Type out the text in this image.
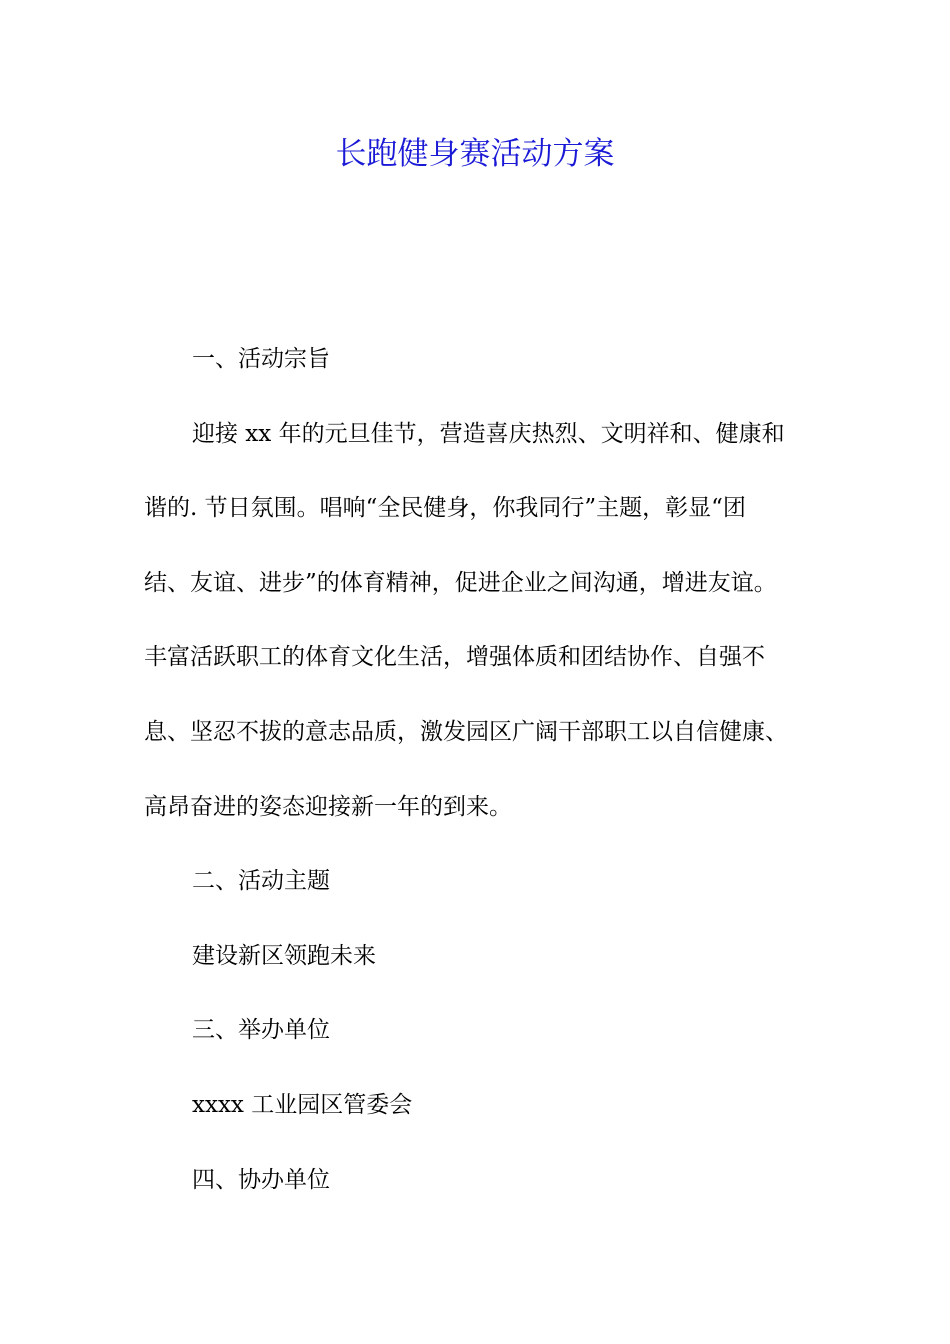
长跑健身赛活动方案
一、活动宗旨
迎接 xx 年的元旦佳节，营造喜庆热烈、文明祥和、健康和
谐的. 节日氛围。唱响“全民健身，你我同行”主题，彰显“团
结、友谊、进步”的体育精神，促进企业之间沟通，增进友谊。
丰富活跃职工的体育文化生活，增强体质和团结协作、自强不
息、坚忍不拔的意志品质，激发园区广阔干部职工以自信健康、
高昂奋进的姿态迎接新一年的到来。
二、活动主题
建设新区领跑未来
三、举办单位
xxxx 工业园区管委会
四、协办单位
